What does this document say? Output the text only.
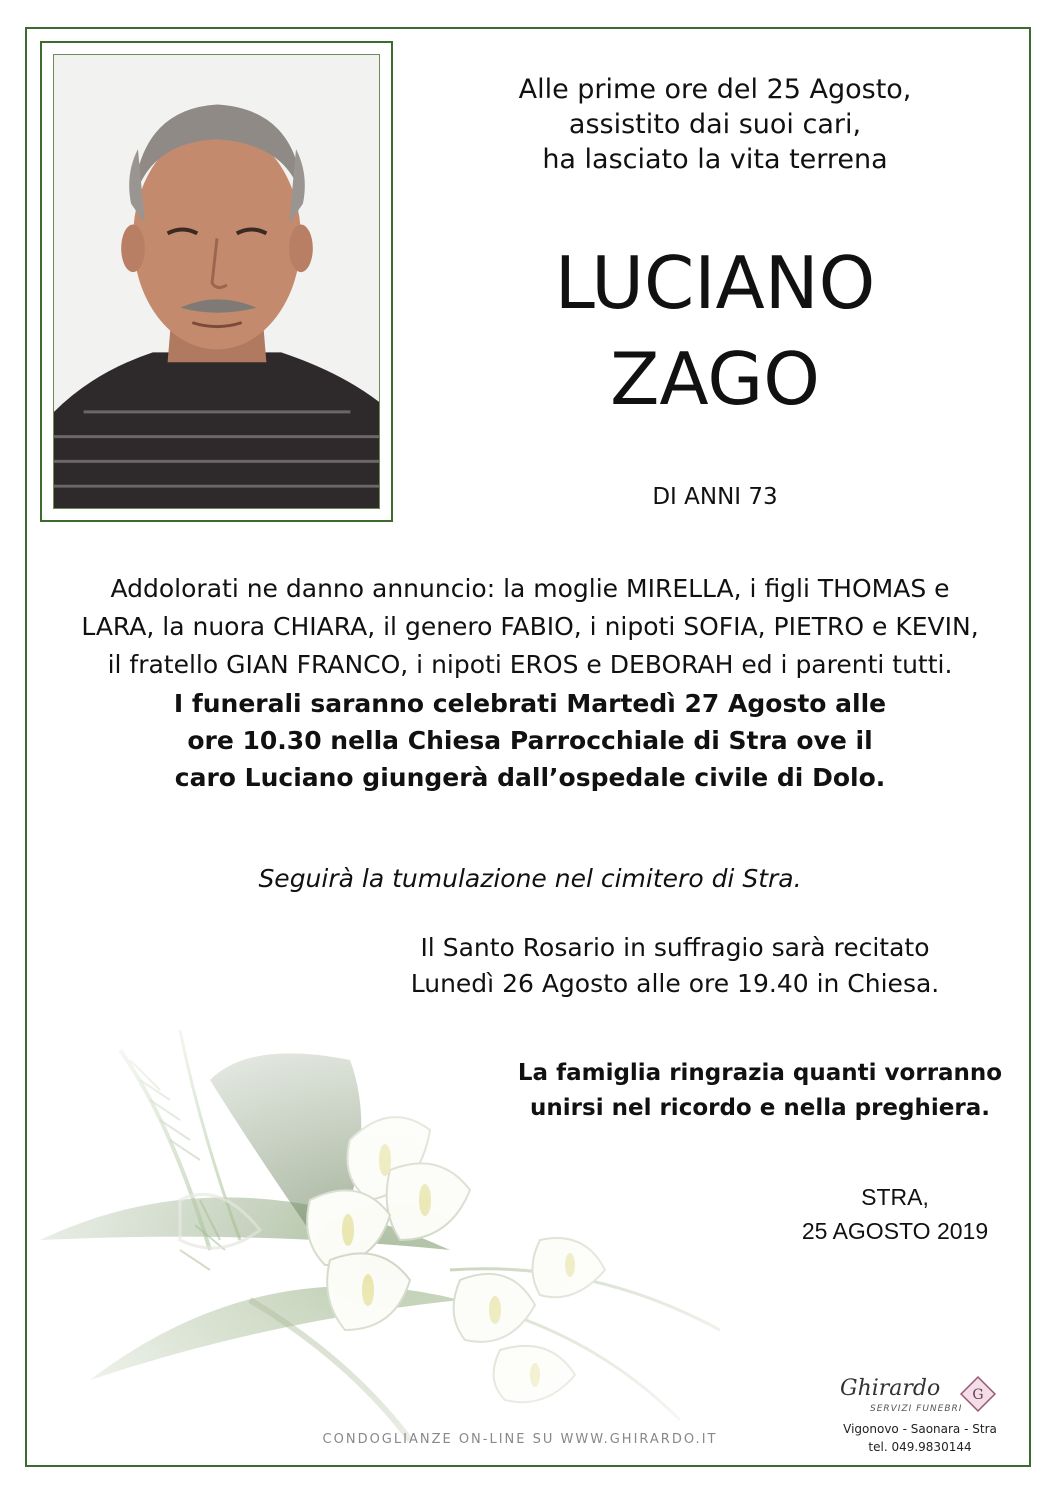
Alle prime ore del 25 Agosto,
assistito dai suoi cari,
ha lasciato la vita terrena
LUCIANO
ZAGO
DI ANNI 73
Addolorati ne danno annuncio: la moglie MIRELLA, i figli THOMAS e
LARA, la nuora CHIARA, il genero FABIO, i nipoti SOFIA, PIETRO e KEVIN,
il fratello GIAN FRANCO, i nipoti EROS e DEBORAH ed i parenti tutti.
I funerali saranno celebrati Martedì 27 Agosto alle
ore 10.30 nella Chiesa Parrocchiale di Stra ove il
caro Luciano giungerà dall’ospedale civile di Dolo.
Seguirà la tumulazione nel cimitero di Stra.
Il Santo Rosario in suffragio sarà recitato
Lunedì 26 Agosto alle ore 19.40 in Chiesa.
La famiglia ringrazia quanti vorranno
unirsi nel ricordo e nella preghiera.
STRA,
25 AGOSTO 2019
CONDOGLIANZE ON-LINE SU WWW.GHIRARDO.IT
Ghirardo
SERVIZI FUNEBRI
G
Vigonovo - Saonara - Stra
tel. 049.9830144
